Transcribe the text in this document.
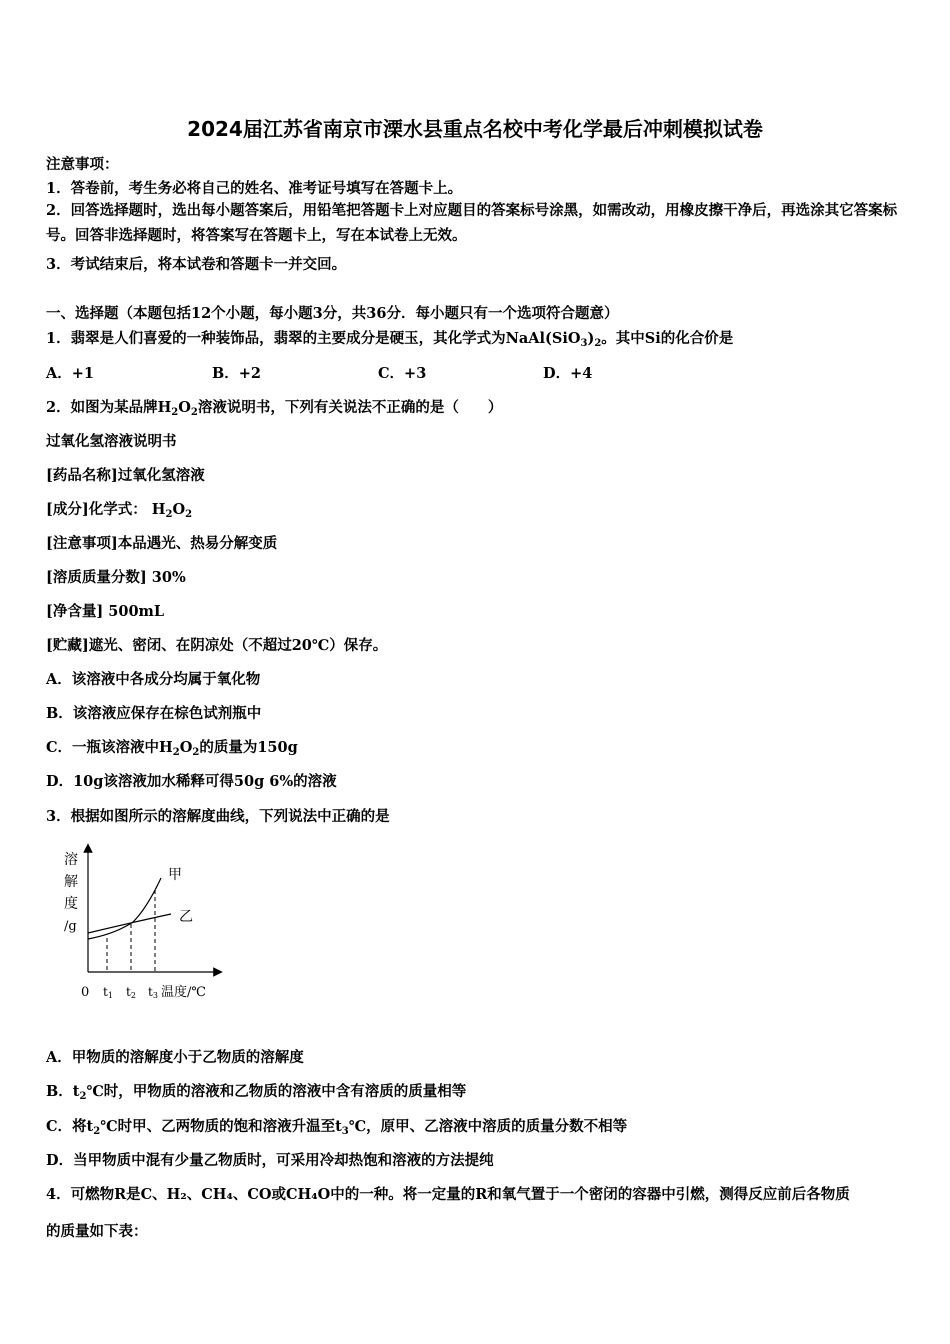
2024届江苏省南京市溧水县重点名校中考化学最后冲刺模拟试卷
注意事项：
1．答卷前，考生务必将自己的姓名、准考证号填写在答题卡上。
2．回答选择题时，选出每小题答案后，用铅笔把答题卡上对应题目的答案标号涂黑，如需改动，用橡皮擦干净后，再选涂其它答案标号。回答非选择题时，将答案写在答题卡上，写在本试卷上无效。
3．考试结束后，将本试卷和答题卡一并交回。
一、选择题（本题包括12个小题，每小题3分，共36分．每小题只有一个选项符合题意）
1．翡翠是人们喜爱的一种装饰品，翡翠的主要成分是硬玉，其化学式为$NaAl(SiO_3)_2$。其中Si的化合价是
A．+1	B．+2	C．+3	D．+4
2．如图为某品牌$H_2O_2$溶液说明书，下列有关说法不正确的是（　　）
过氧化氢溶液说明书
[药品名称]过氧化氢溶液
[成分]化学式： $H_2O_2$
[注意事项]本品遇光、热易分解变质
[溶质质量分数] 30%
[净含量] 500mL
[贮藏]遮光、密闭、在阴凉处（不超过20℃）保存。
A．该溶液中各成分均属于氧化物
B．该溶液应保存在棕色试剂瓶中
C．一瓶该溶液中$H_2O_2$的质量为150g
D．10g该溶液加水稀释可得50g 6%的溶液
3．根据如图所示的溶解度曲线，下列说法中正确的是
溶
解
度
/g
甲
乙
0 t1 t2 t3 温度/℃
A．甲物质的溶解度小于乙物质的溶解度
B．$t_2℃$时，甲物质的溶液和乙物质的溶液中含有溶质的质量相等
C．将$t_2℃$时甲、乙两物质的饱和溶液升温至$t_3℃$，原甲、乙溶液中溶质的质量分数不相等
D．当甲物质中混有少量乙物质时，可采用冷却热饱和溶液的方法提纯
4．可燃物R是C、H₂、CH₄、CO或CH₄O中的一种。将一定量的R和氧气置于一个密闭的容器中引燃，测得反应前后各物质
的质量如下表：
